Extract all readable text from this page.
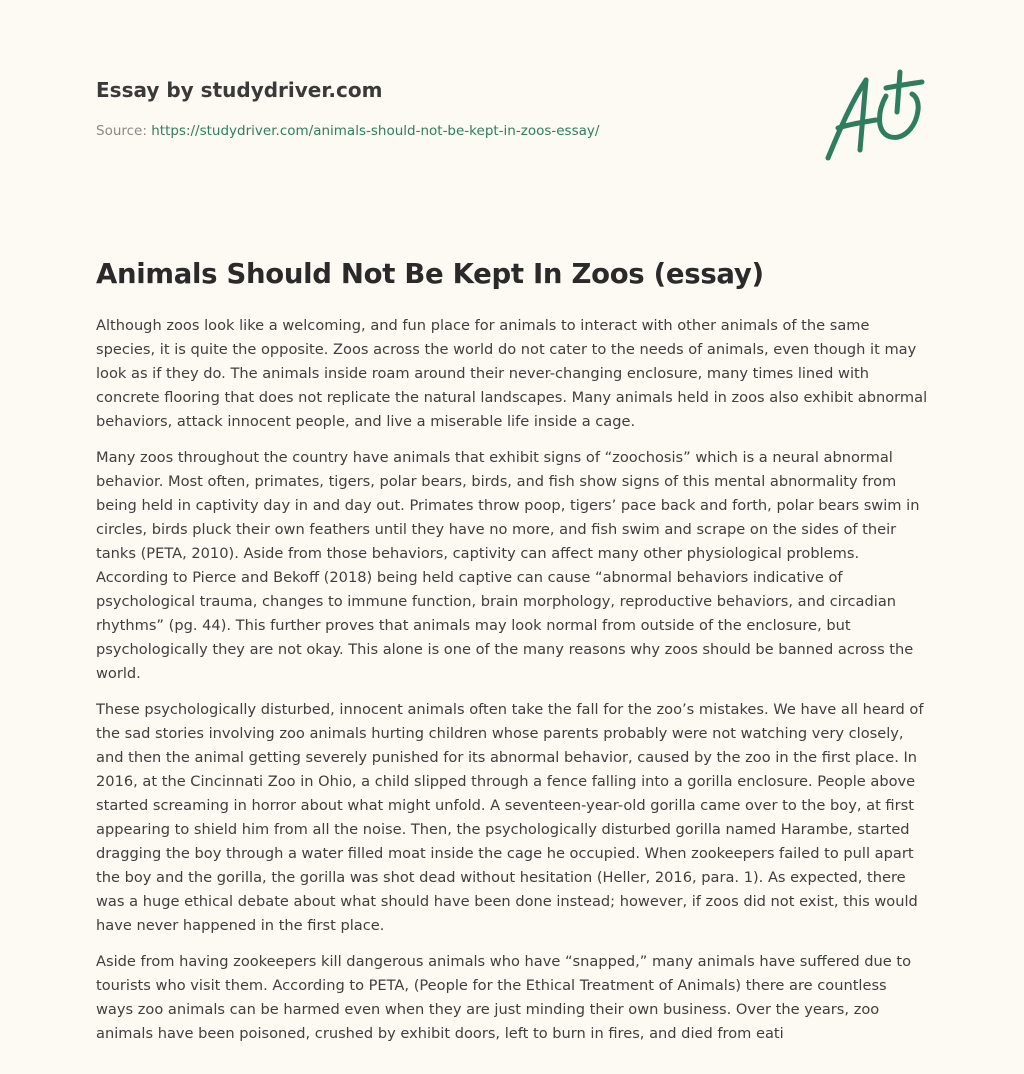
Essay by studydriver.com
Source: https://studydriver.com/animals-should-not-be-kept-in-zoos-essay/
Animals Should Not Be Kept In Zoos (essay)

Although zoos look like a welcoming, and fun place for animals to interact with other animals of the same species, it is quite the opposite. Zoos across the world do not cater to the needs of animals, even though it may look as if they do. The animals inside roam around their never-changing enclosure, many times lined with concrete flooring that does not replicate the natural landscapes. Many animals held in zoos also exhibit abnormal behaviors, attack innocent people, and live a miserable life inside a cage.

Many zoos throughout the country have animals that exhibit signs of “zoochosis” which is a neural abnormal behavior. Most often, primates, tigers, polar bears, birds, and fish show signs of this mental abnormality from being held in captivity day in and day out. Primates throw poop, tigers’ pace back and forth, polar bears swim in circles, birds pluck their own feathers until they have no more, and fish swim and scrape on the sides of their tanks (PETA, 2010). Aside from those behaviors, captivity can affect many other physiological problems. According to Pierce and Bekoff (2018) being held captive can cause “abnormal behaviors indicative of psychological trauma, changes to immune function, brain morphology, reproductive behaviors, and circadian rhythms” (pg. 44). This further proves that animals may look normal from outside of the enclosure, but psychologically they are not okay. This alone is one of the many reasons why zoos should be banned across the world.

These psychologically disturbed, innocent animals often take the fall for the zoo’s mistakes. We have all heard of the sad stories involving zoo animals hurting children whose parents probably were not watching very closely, and then the animal getting severely punished for its abnormal behavior, caused by the zoo in the first place. In 2016, at the Cincinnati Zoo in Ohio, a child slipped through a fence falling into a gorilla enclosure. People above started screaming in horror about what might unfold. A seventeen-year-old gorilla came over to the boy, at first appearing to shield him from all the noise. Then, the psychologically disturbed gorilla named Harambe, started dragging the boy through a water filled moat inside the cage he occupied. When zookeepers failed to pull apart the boy and the gorilla, the gorilla was shot dead without hesitation (Heller, 2016, para. 1). As expected, there was a huge ethical debate about what should have been done instead; however, if zoos did not exist, this would have never happened in the first place.

Aside from having zookeepers kill dangerous animals who have “snapped,” many animals have suffered due to tourists who visit them. According to PETA, (People for the Ethical Treatment of Animals) there are countless ways zoo animals can be harmed even when they are just minding their own business. Over the years, zoo animals have been poisoned, crushed by exhibit doors, left to burn in fires, and died from eati
